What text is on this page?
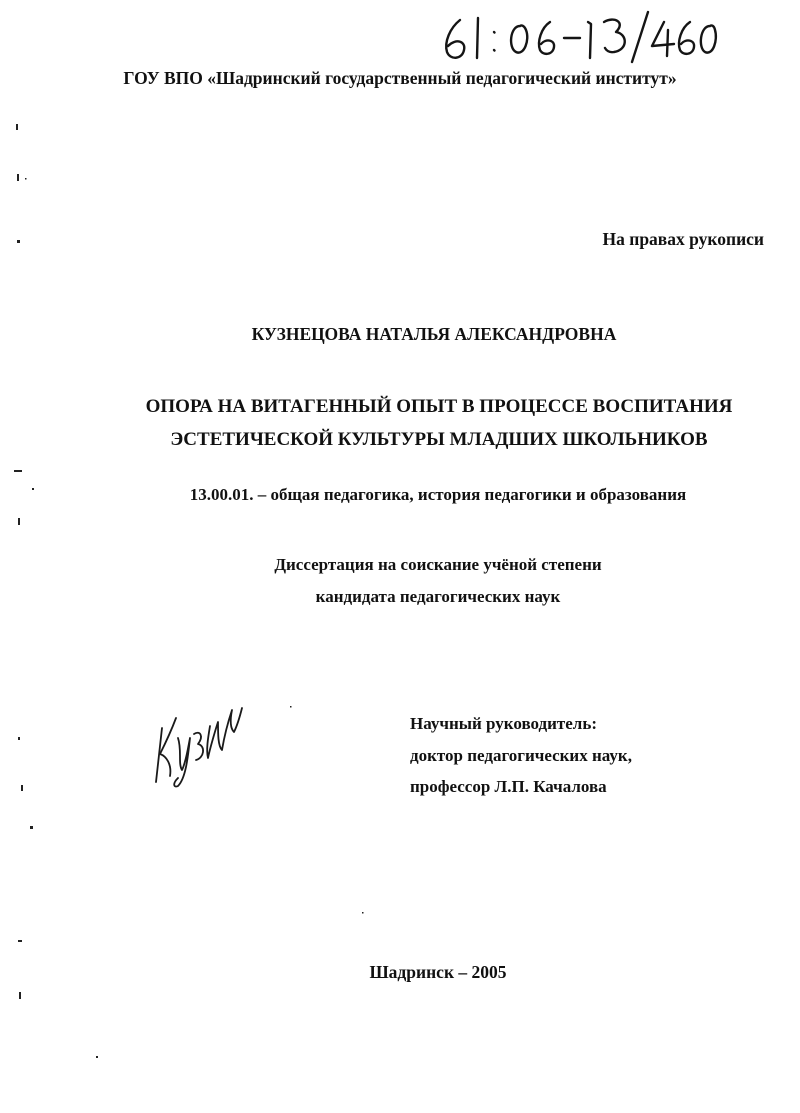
ГОУ ВПО «Шадринский государственный педагогический институт»
На правах рукописи
КУЗНЕЦОВА НАТАЛЬЯ АЛЕКСАНДРОВНА
ОПОРА НА ВИТАГЕННЫЙ ОПЫТ В ПРОЦЕССЕ ВОСПИТАНИЯ
ЭСТЕТИЧЕСКОЙ КУЛЬТУРЫ МЛАДШИХ ШКОЛЬНИКОВ
13.00.01. – общая педагогика, история педагогики и образования
Диссертация на соискание учёной степени
кандидата педагогических наук
Научный руководитель:
доктор педагогических наук,
профессор Л.П. Качалова
Шадринск – 2005
